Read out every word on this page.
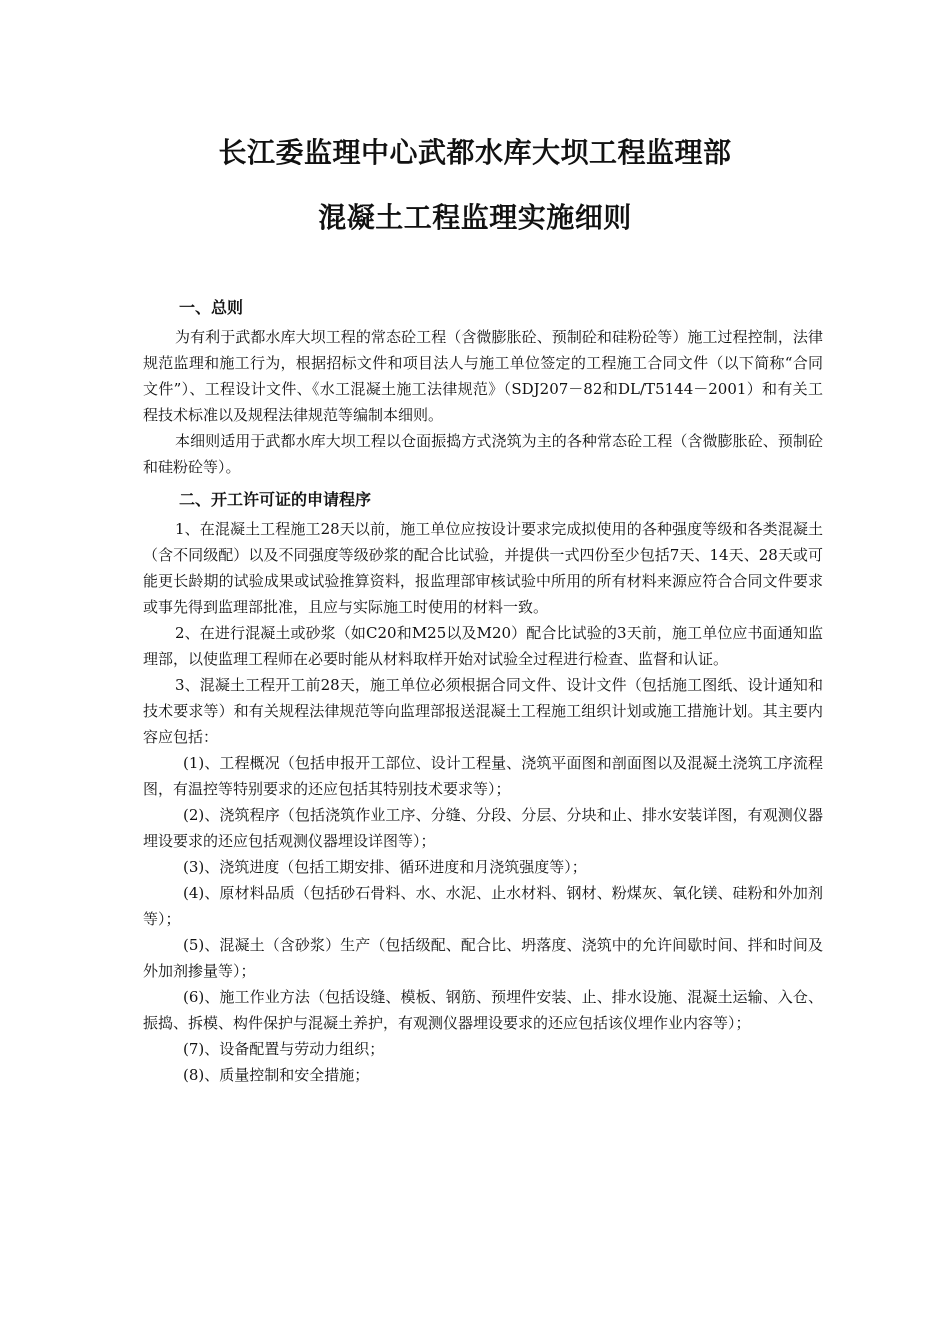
长江委监理中心武都水库大坝工程监理部
混凝土工程监理实施细则
一、总则

为有利于武都水库大坝工程的常态砼工程（含微膨胀砼、预制砼和硅粉砼等）施工过程控制，法律规范监理和施工行为，根据招标文件和项目法人与施工单位签定的工程施工合同文件（以下简称“合同文件”）、工程设计文件、《水工混凝土施工法律规范》（SDJ207－82和DL/T5144－2001）和有关工程技术标准以及规程法律规范等编制本细则。

本细则适用于武都水库大坝工程以仓面振捣方式浇筑为主的各种常态砼工程（含微膨胀砼、预制砼和硅粉砼等）。

二、开工许可证的申请程序

1、在混凝土工程施工28天以前，施工单位应按设计要求完成拟使用的各种强度等级和各类混凝土（含不同级配）以及不同强度等级砂浆的配合比试验，并提供一式四份至少包括7天、14天、28天或可能更长龄期的试验成果或试验推算资料，报监理部审核试验中所用的所有材料来源应符合合同文件要求或事先得到监理部批准，且应与实际施工时使用的材料一致。

2、在进行混凝土或砂浆（如C20和M25以及M20）配合比试验的3天前，施工单位应书面通知监理部，以使监理工程师在必要时能从材料取样开始对试验全过程进行检查、监督和认证。

3、混凝土工程开工前28天，施工单位必须根据合同文件、设计文件（包括施工图纸、设计通知和技术要求等）和有关规程法律规范等向监理部报送混凝土工程施工组织计划或施工措施计划。其主要内容应包括：

(1)、工程概况（包括申报开工部位、设计工程量、浇筑平面图和剖面图以及混凝土浇筑工序流程图，有温控等特别要求的还应包括其特别技术要求等）；

(2)、浇筑程序（包括浇筑作业工序、分缝、分段、分层、分块和止、排水安装详图，有观测仪器埋设要求的还应包括观测仪器埋设详图等）；

(3)、浇筑进度（包括工期安排、循环进度和月浇筑强度等）；

(4)、原材料品质（包括砂石骨料、水、水泥、止水材料、钢材、粉煤灰、氧化镁、硅粉和外加剂等）；

(5)、混凝土（含砂浆）生产（包括级配、配合比、坍落度、浇筑中的允许间歇时间、拌和时间及外加剂掺量等）；

(6)、施工作业方法（包括设缝、模板、钢筋、预埋件安装、止、排水设施、混凝土运输、入仓、振捣、拆模、构件保护与混凝土养护，有观测仪器埋设要求的还应包括该仪埋作业内容等）；

(7)、设备配置与劳动力组织；

(8)、质量控制和安全措施；
